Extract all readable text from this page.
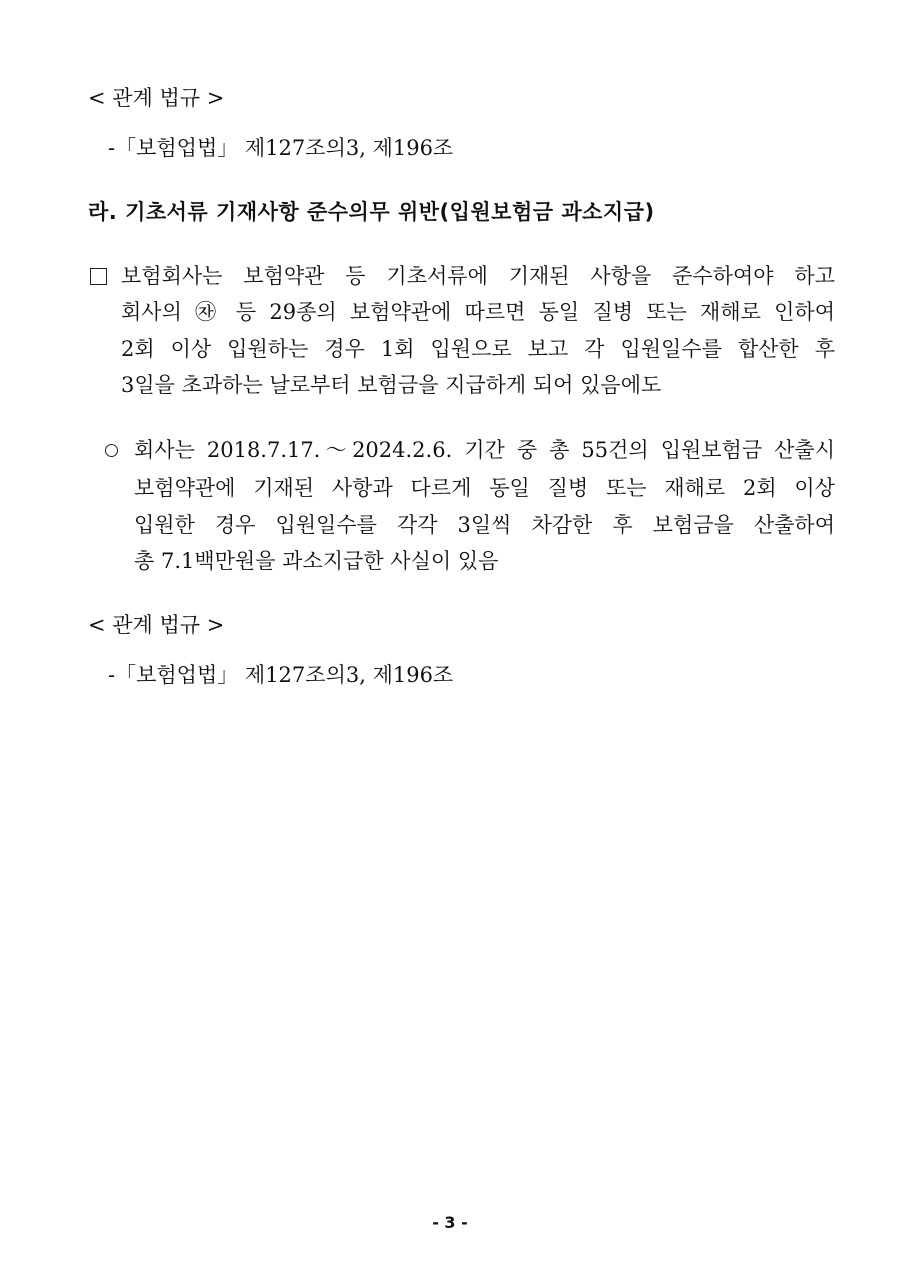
< 관계 법규 >
-「보험업법」 제127조의3, 제196조
라. 기초서류 기재사항 준수의무 위반(입원보험금 과소지급)
보험회사는 보험약관 등 기초서류에 기재된 사항을 준수하여야 하고
회사의 ㉶ 등 29종의 보험약관에 따르면 동일 질병 또는 재해로 인하여
2회 이상 입원하는 경우 1회 입원으로 보고 각 입원일수를 합산한 후
3일을 초과하는 날로부터 보험금을 지급하게 되어 있음에도
회사는 2018.7.17.～2024.2.6. 기간 중 총 55건의 입원보험금 산출시
보험약관에 기재된 사항과 다르게 동일 질병 또는 재해로 2회 이상
입원한 경우 입원일수를 각각 3일씩 차감한 후 보험금을 산출하여
총 7.1백만원을 과소지급한 사실이 있음
< 관계 법규 >
-「보험업법」 제127조의3, 제196조
- 3 -
